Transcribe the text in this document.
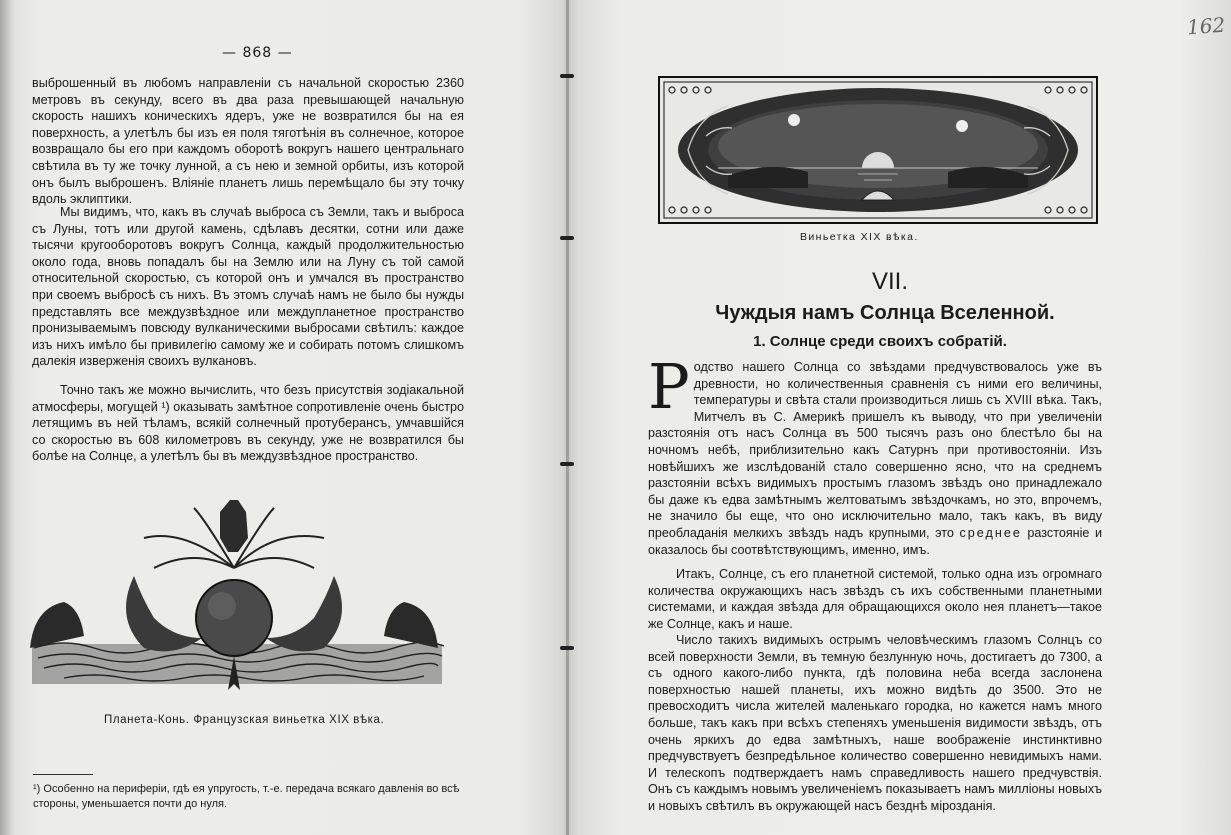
— 868 —

выброшенный въ любомъ направленіи съ начальной скоростью 2360 метровъ въ секунду, всего въ два раза превышающей начальную скорость нашихъ коническихъ ядеръ, уже не возвратился бы на ея поверхность, а улетѣлъ бы изъ ея поля тяготѣнія въ солнечное, которое возвращало бы его при каждомъ оборотѣ вокругъ нашего центральнаго свѣтила въ ту же точку лунной, а съ нею и земной орбиты, изъ которой онъ былъ выброшенъ. Вліяніе планетъ лишь перемѣщало бы эту точку вдоль эклиптики.

Мы видимъ, что, какъ въ случаѣ выброса съ Земли, такъ и выброса съ Луны, тотъ или другой камень, сдѣлавъ десятки, сотни или даже тысячи кругооборотовъ вокругъ Солнца, каждый продолжительностью около года, вновь попадалъ бы на Землю или на Луну съ той самой относительной скоростью, съ которой онъ и умчался въ пространство при своемъ выбросѣ съ нихъ. Въ этомъ случаѣ намъ не было бы нужды представлять все междузвѣздное или междупланетное пространство пронизываемымъ повсюду вулканическими выбросами свѣтилъ: каждое изъ нихъ имѣло бы привилегію самому же и собирать потомъ слишкомъ далекія изверженія своихъ вулкановъ.

Точно такъ же можно вычислить, что безъ присутствія зодіакальной атмосферы, могущей ¹) оказывать замѣтное сопротивленіе очень быстро летящимъ въ ней тѣламъ, всякій солнечный протуберансъ, умчавшійся со скоростью въ 608 километровъ въ секунду, уже не возвратился бы болѣе на Солнце, а улетѣлъ бы въ междузвѣздное пространство.

Планета-Конь. Французская виньетка XIX вѣка.
¹) Особенно на периферіи, гдѣ ея упругость, т.-е. передача всякаго давленія во всѣ стороны, уменьшается почти до нуля.
162
Виньетка XIX вѣка.
VII.
Чуждыя намъ Солнца Вселенной.
1. Солнце среди своихъ собратій.

Родство нашего Солнца со звѣздами предчувствовалось уже въ древности, но количественныя сравненія съ ними его величины, температуры и свѣта стали производиться лишь съ XVIII вѣка. Такъ, Митчелъ въ С. Америкѣ пришелъ къ выводу, что при увеличеніи разстоянія отъ насъ Солнца въ 500 тысячъ разъ оно блестѣло бы на ночномъ небѣ, приблизительно какъ Сатурнъ при противостояніи. Изъ новѣйшихъ же изслѣдованій стало совершенно ясно, что на среднемъ разстояніи всѣхъ видимыхъ простымъ глазомъ звѣздъ оно принадлежало бы даже къ едва замѣтнымъ желтоватымъ звѣздочкамъ, но это, впрочемъ, не значило бы еще, что оно исключительно мало, такъ какъ, въ виду преобладанія мелкихъ звѣздъ надъ крупными, это среднее разстояніе и оказалось бы соотвѣтствующимъ, именно, имъ.

Итакъ, Солнце, съ его планетной системой, только одна изъ огромнаго количества окружающихъ насъ звѣздъ съ ихъ собственными планетными системами, и каждая звѣзда для обращающихся около нея планетъ—такое же Солнце, какъ и наше.

Число такихъ видимыхъ острымъ человѣческимъ глазомъ Солнцъ со всей поверхности Земли, въ темную безлунную ночь, достигаетъ до 7300, а съ одного какого-либо пункта, гдѣ половина неба всегда заслонена поверхностью нашей планеты, ихъ можно видѣть до 3500. Это не превосходитъ числа жителей маленькаго городка, но кажется намъ много больше, такъ какъ при всѣхъ степеняхъ уменьшенія видимости звѣздъ, отъ очень яркихъ до едва замѣтныхъ, наше воображеніе инстинктивно предчувствуетъ безпредѣльное количество совершенно невидимыхъ нами. И телескопъ подтверждаетъ намъ справедливость нашего предчувствія. Онъ съ каждымъ новымъ увеличеніемъ показываетъ намъ милліоны новыхъ и новыхъ свѣтилъ въ окружающей насъ безднѣ мірозданія.
